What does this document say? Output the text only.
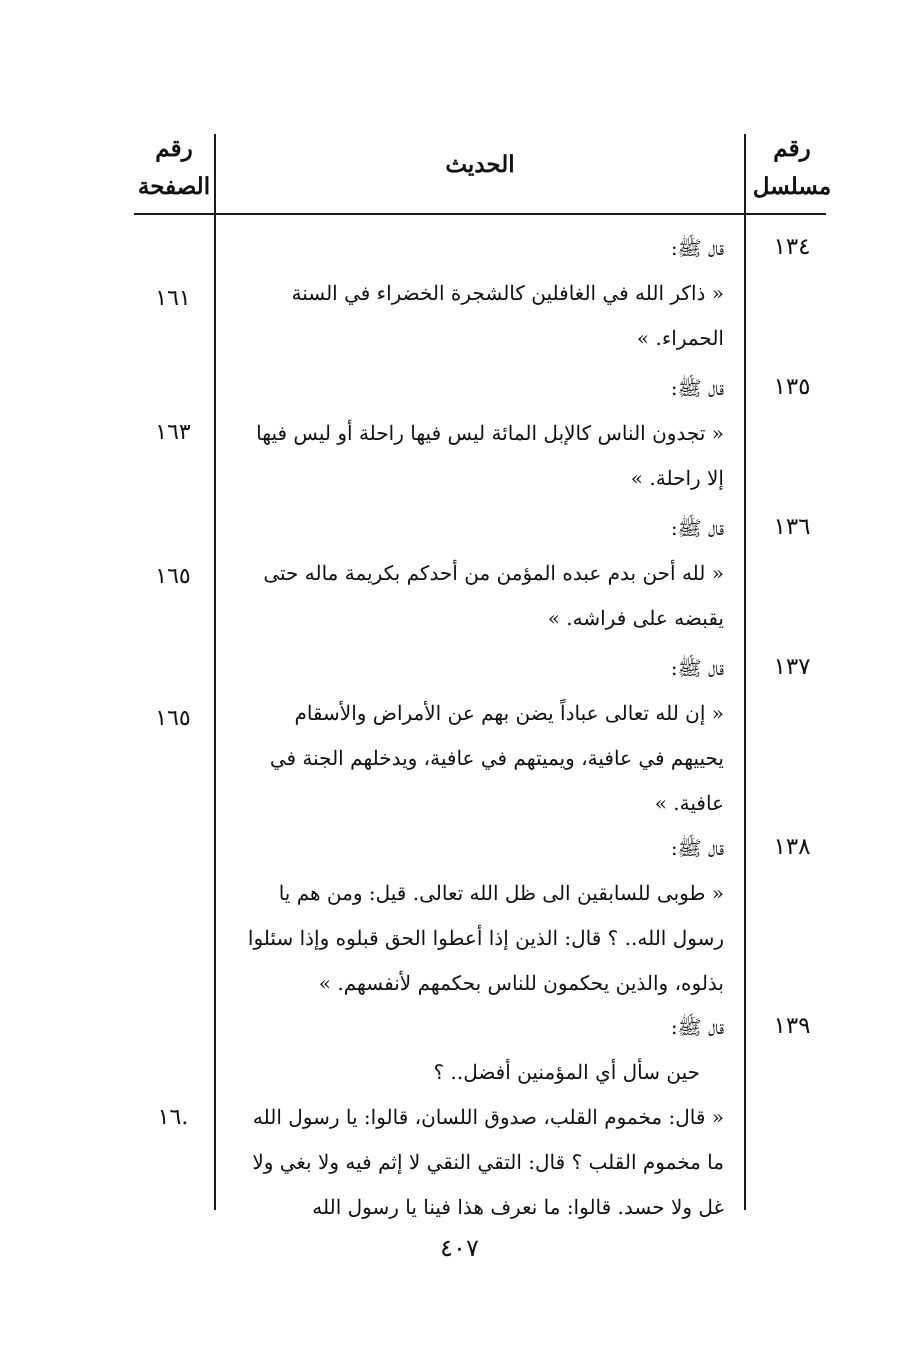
رقم
مسلسل
الحديث
رقم
الصفحة
١٣٤
١٦١
قال ﷺ:
« ذاكر الله في الغافلين كالشجرة الخضراء في السنة
الحمراء. »
١٣٥
١٦٣
قال ﷺ:
« تجدون الناس كالإبل المائة ليس فيها راحلة أو ليس فيها
إلا راحلة. »
١٣٦
١٦٥
قال ﷺ:
« لله أحن بدم عبده المؤمن من أحدكم بكريمة ماله حتى
يقبضه على فراشه. »
١٣٧
١٦٥
قال ﷺ:
« إن لله تعالى عباداً يضن بهم عن الأمراض والأسقام
يحييهم في عافية، ويميتهم في عافية، ويدخلهم الجنة في
عافية. »
١٣٨
قال ﷺ:
« طوبى للسابقين الى ظل الله تعالى. قيل: ومن هم يا
رسول الله.. ؟ قال: الذين إذا أعطوا الحق قبلوه وإذا سئلوا
بذلوه، والذين يحكمون للناس بحكمهم لأنفسهم. »
١٣٩
١٦.
قال ﷺ:
حين سأل أي المؤمنين أفضل.. ؟
« قال: مخموم القلب، صدوق اللسان، قالوا: يا رسول الله
ما مخموم القلب ؟ قال: التقي النقي لا إثم فيه ولا بغي ولا
غل ولا حسد. قالوا: ما نعرف هذا فينا يا رسول الله
٤٠٧
